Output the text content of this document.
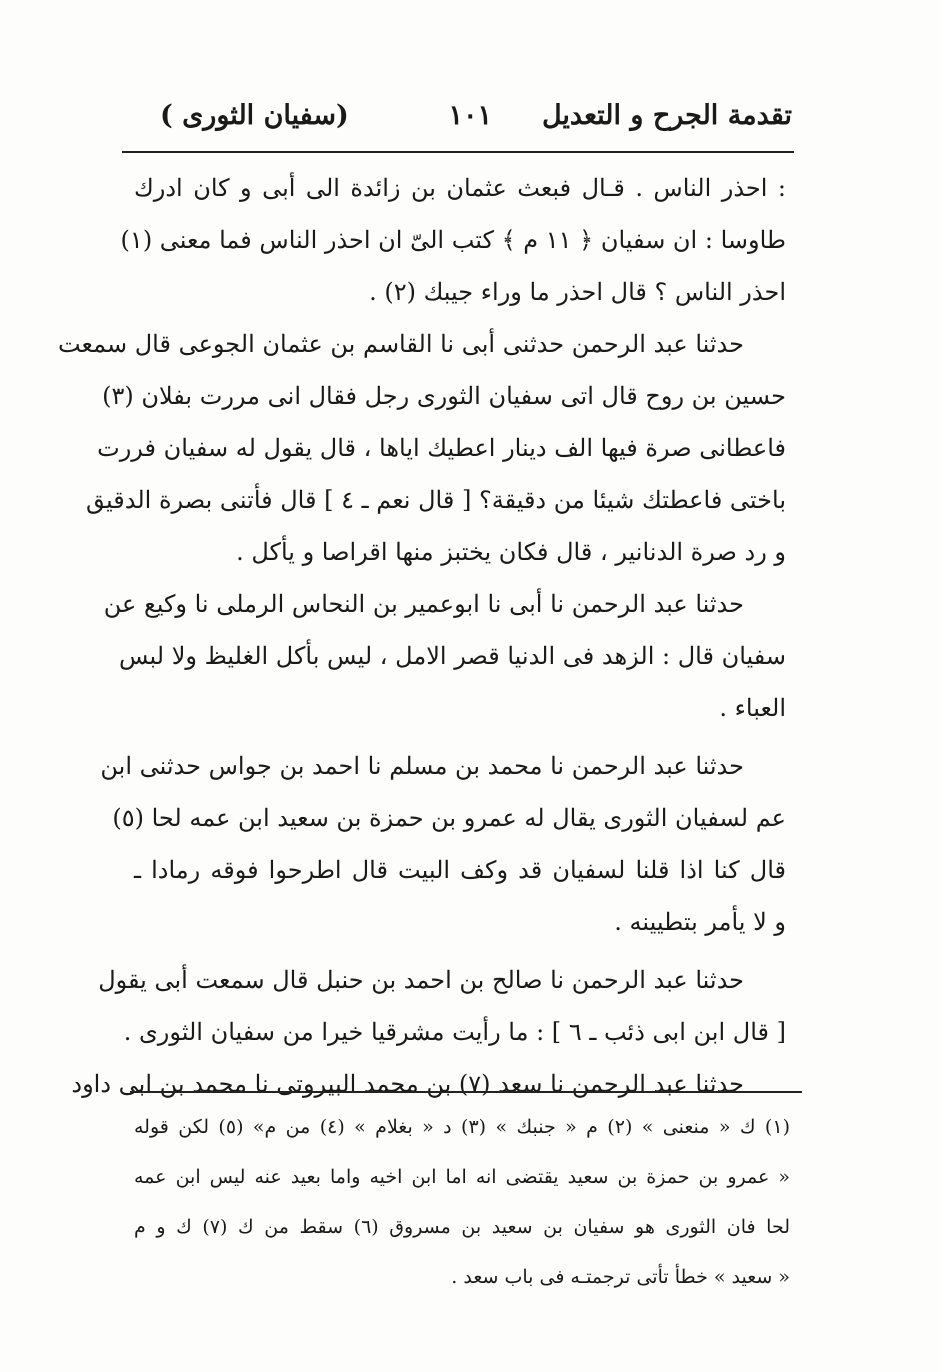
تقدمة الجرح و التعديل
١٠١
(سفيان الثورى )
: احذر الناس . قـال فبعث عثمان بن زائدة الى أبى و كان ادرك
طاوسا : ان سفيان ﴿ ١١ م ﴾ كتب الىّ ان احذر الناس فما معنى (١)
احذر الناس ؟ قال احذر ما وراء جيبك (٢) .
حدثنا عبد الرحمن حدثنى أبى نا القاسم بن عثمان الجوعى قال سمعت
حسين بن روح قال اتى سفيان الثورى رجل فقال انى مررت بفلان (٣)
فاعطانى صرة فيها الف دينار اعطيك اياها ، قال يقول له سفيان فررت
باختى فاعطتك شيئا من دقيقة؟ [ قال نعم ـ ٤ ] قال فأتنى بصرة الدقيق
و رد صرة الدنانير ، قال فكان يختبز منها اقراصا و يأكل .
حدثنا عبد الرحمن نا أبى نا ابوعمير بن النحاس الرملى نا وكيع عن
سفيان قال : الزهد فى الدنيا قصر الامل ، ليس بأكل الغليظ ولا لبس
العباء .
حدثنا عبد الرحمن نا محمد بن مسلم نا احمد بن جواس حدثنى ابن
عم لسفيان الثورى يقال له عمرو بن حمزة بن سعيد ابن عمه لحا (٥)
قال كنا اذا قلنا لسفيان قد وكف البيت قال اطرحوا فوقه رمادا ـ
و لا يأمر بتطيينه .
حدثنا عبد الرحمن نا صالح بن احمد بن حنبل قال سمعت أبى يقول
[ قال ابن ابى ذئب ـ ٦ ] : ما رأيت مشرقيا خيرا من سفيان الثورى .
حدثنا عبد الرحمن نا سعد (٧) بن محمد البيروتى نا محمد بن ابى داود
(١) ك « منعنى » (٢) م « جنبك » (٣) د « بغلام » (٤) من م» (٥) لكن قوله
« عمرو بن حمزة بن سعيد يقتضى انه اما ابن اخيه واما بعيد عنه ليس ابن عمه
لحا فان الثورى هو سفيان بن سعيد بن مسروق (٦) سقط من ك (٧) ك و م
« سعيد » خطأ تأتى ترجمتـه فى باب سعد .
